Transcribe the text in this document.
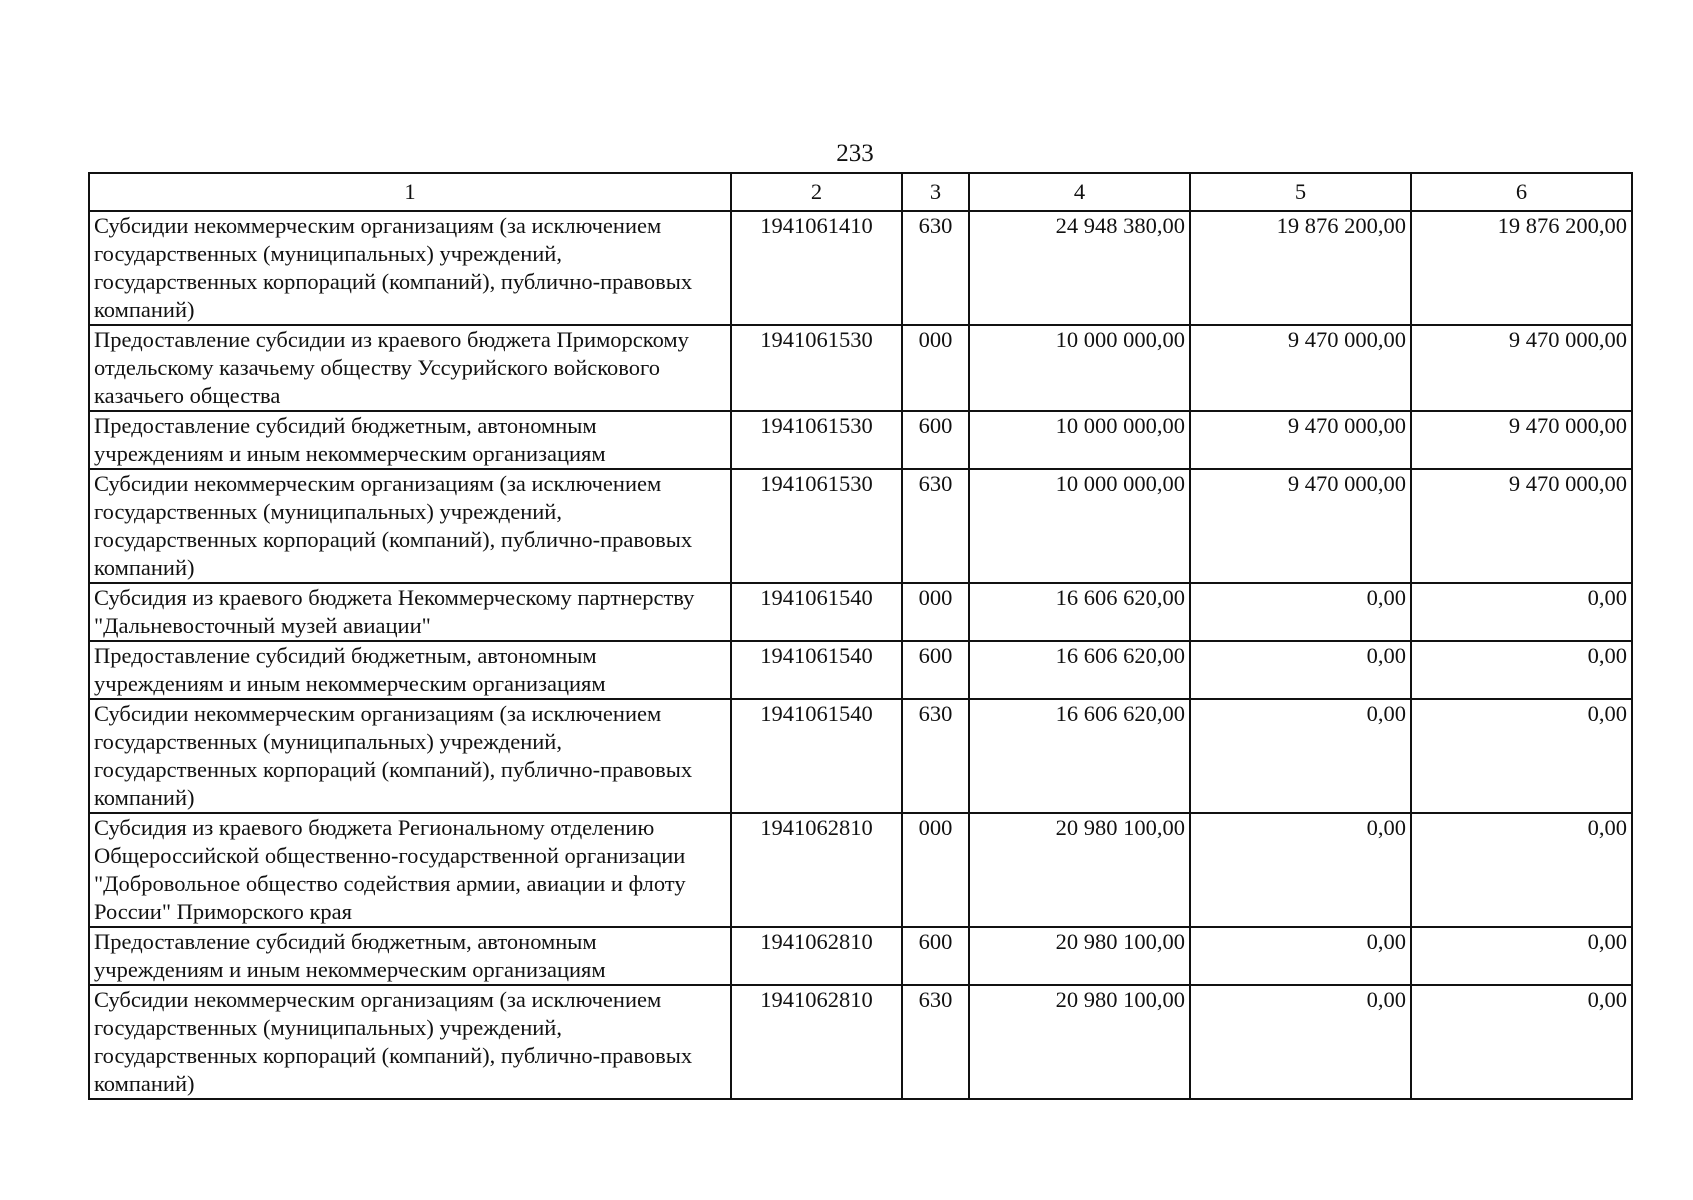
233
1	2	3	4	5	6
Субсидии некоммерческим организациям (за исключением государственных (муниципальных) учреждений, государственных корпораций (компаний), публично-правовых компаний)	1941061410	630	24 948 380,00	19 876 200,00	19 876 200,00
Предоставление субсидии из краевого бюджета Приморскому отдельскому казачьему обществу Уссурийского войскового казачьего общества	1941061530	000	10 000 000,00	9 470 000,00	9 470 000,00
Предоставление субсидий бюджетным, автономным учреждениям и иным некоммерческим организациям	1941061530	600	10 000 000,00	9 470 000,00	9 470 000,00
Субсидии некоммерческим организациям (за исключением государственных (муниципальных) учреждений, государственных корпораций (компаний), публично-правовых компаний)	1941061530	630	10 000 000,00	9 470 000,00	9 470 000,00
Субсидия из краевого бюджета Некоммерческому партнерству "Дальневосточный музей авиации"	1941061540	000	16 606 620,00	0,00	0,00
Предоставление субсидий бюджетным, автономным учреждениям и иным некоммерческим организациям	1941061540	600	16 606 620,00	0,00	0,00
Субсидии некоммерческим организациям (за исключением государственных (муниципальных) учреждений, государственных корпораций (компаний), публично-правовых компаний)	1941061540	630	16 606 620,00	0,00	0,00
Субсидия из краевого бюджета Региональному отделению Общероссийской общественно-государственной организации "Добровольное общество содействия армии, авиации и флоту России" Приморского края	1941062810	000	20 980 100,00	0,00	0,00
Предоставление субсидий бюджетным, автономным учреждениям и иным некоммерческим организациям	1941062810	600	20 980 100,00	0,00	0,00
Субсидии некоммерческим организациям (за исключением государственных (муниципальных) учреждений, государственных корпораций (компаний), публично-правовых компаний)	1941062810	630	20 980 100,00	0,00	0,00
